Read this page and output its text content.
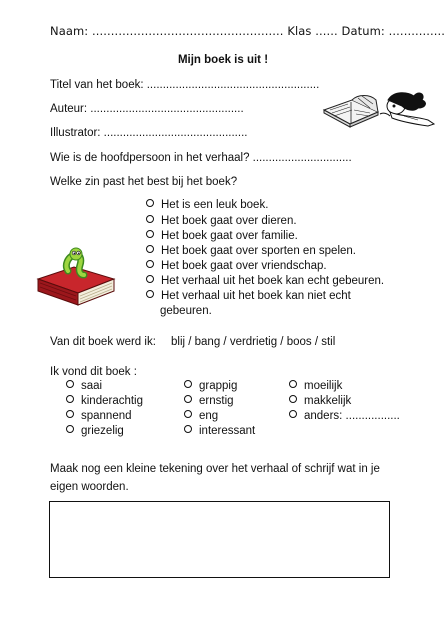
Naam: ................................................... Klas ...... Datum: ...............
Mijn boek is uit !
Titel van het boek: ......................................................
Auteur: ................................................
Illustrator: .............................................
Wie is de hoofdpersoon in het verhaal? ...............................
Welke zin past het best bij het boek?
Het is een leuk boek.
Het boek gaat over dieren.
Het boek gaat over familie.
Het boek gaat over sporten en spelen.
Het boek gaat over vriendschap.
Het verhaal uit het boek kan echt gebeuren.
Het verhaal uit het boek kan niet echt
gebeuren.
Van dit boek werd ik: blij / bang / verdrietig / boos / stil
Ik vond dit boek :
saai
kinderachtig
spannend
griezelig
grappig
ernstig
eng
interessant
moeilijk
makkelijk
anders: .................
Maak nog een kleine tekening over het verhaal of schrijf wat in je
eigen woorden.
